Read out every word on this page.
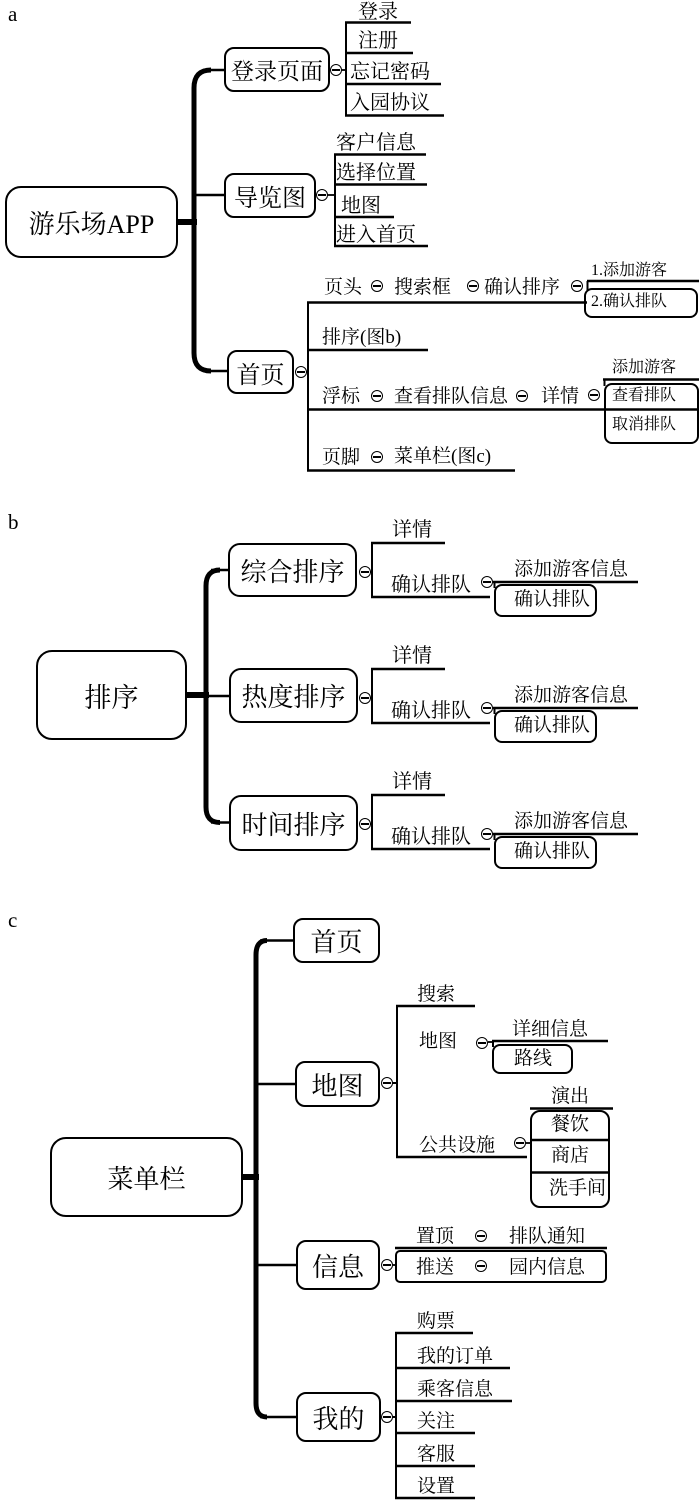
a
游乐场APP
登录页面
登录
注册
忘记密码
入园协议
导览图
客户信息
选择位置
地图
进入首页
首页
页头 搜索框 确认排序
1.添加游客
2.确认排队
排序(图b)
浮标 查看排队信息 详情
添加游客
查看排队
取消排队
页脚 菜单栏(图c)
b
排序
综合排序
详情
确认排队
添加游客信息
确认排队
热度排序
详情
确认排队
添加游客信息
确认排队
时间排序
详情
确认排队
添加游客信息
确认排队
c
菜单栏
首页
地图
搜索
地图
详细信息
路线
公共设施
演出
餐饮
商店
洗手间
信息
置顶	排队通知
推送	园内信息
我的
购票
我的订单
乘客信息
关注
客服
设置
